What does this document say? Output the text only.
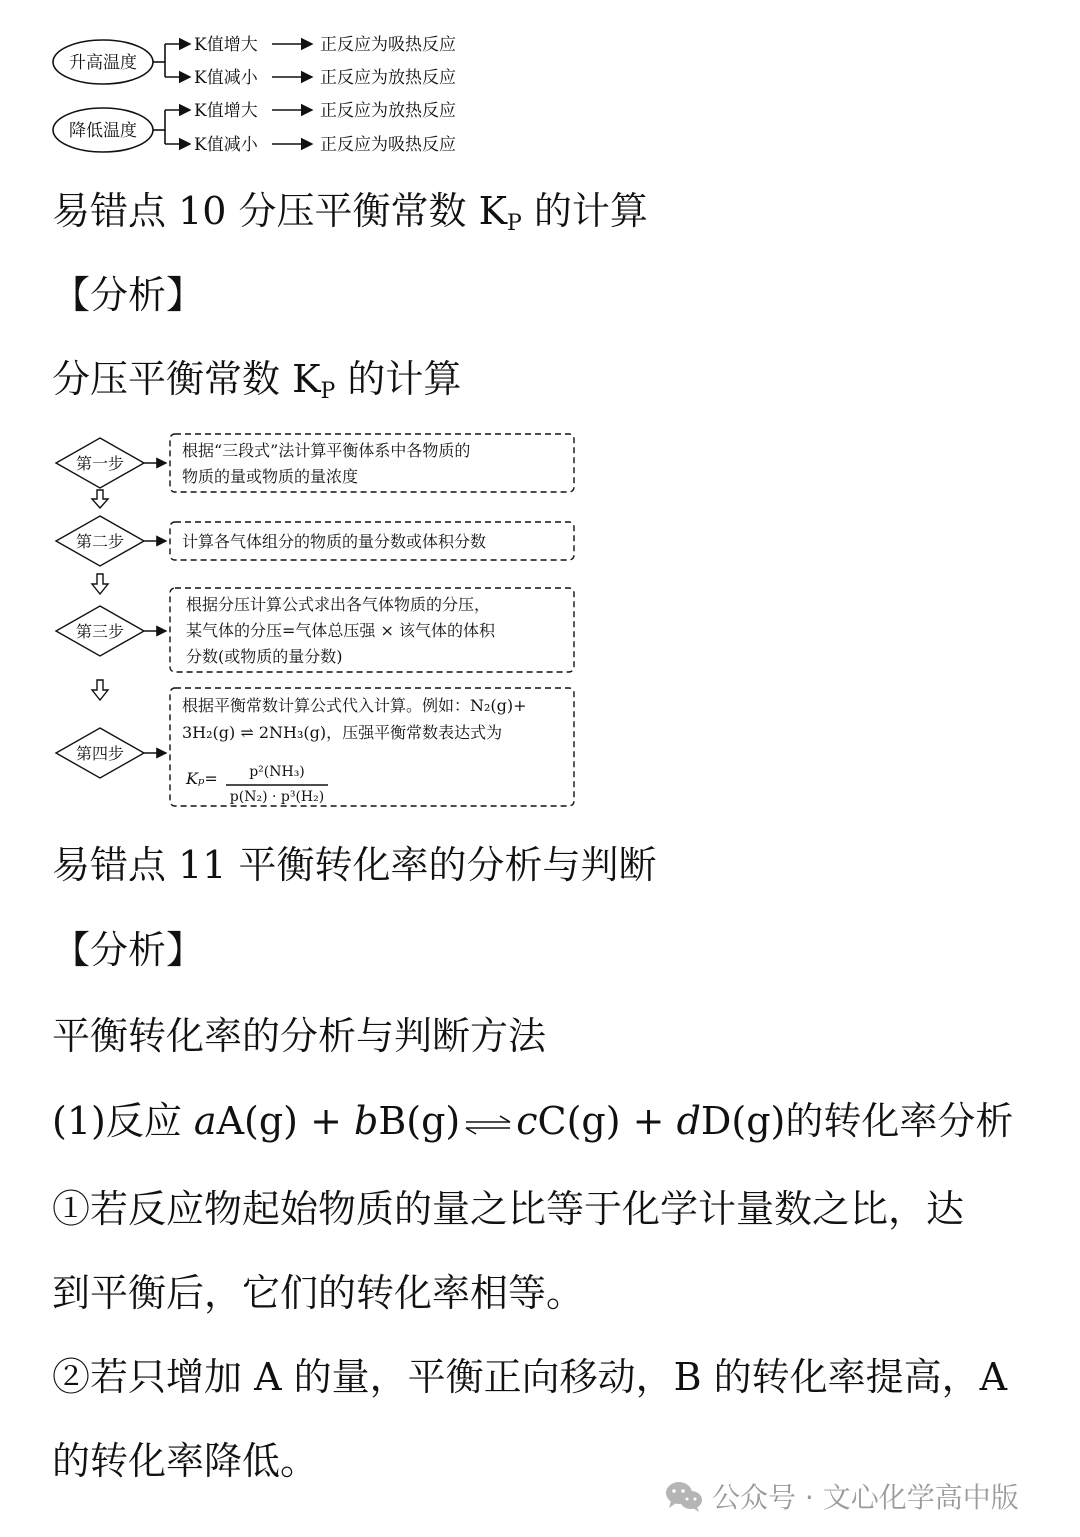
升高温度
降低温度
K值增大
K值减小
K值增大
K值减小
正反应为吸热反应
正反应为放热反应
正反应为放热反应
正反应为吸热反应
易错点 10 分压平衡常数 $K_P$ 的计算
【分析】
分压平衡常数 $K_P$ 的计算
第一步
第二步
第三步
第四步
根据“三段式”法计算平衡体系中各物质的
物质的量或物质的量浓度
计算各气体组分的物质的量分数或体积分数
根据分压计算公式求出各气体物质的分压，
某气体的分压=气体总压强 × 该气体的体积
分数(或物质的量分数)
根据平衡常数计算公式代入计算。例如：N₂(g)+
3H₂(g) ⇌ 2NH₃(g)，压强平衡常数表达式为
Kₚ= p²(NH₃)
p(N₂) · p³(H₂)
易错点 11 平衡转化率的分析与判断
【分析】
平衡转化率的分析与判断方法
(1)反应 aA(g) + bB(g) ⇌ cC(g) + dD(g)的转化率分析
①若反应物起始物质的量之比等于化学计量数之比，达
到平衡后，它们的转化率相等。
②若只增加 A 的量，平衡正向移动，B 的转化率提高，A
的转化率降低。
公众号 · 文心化学高中版
